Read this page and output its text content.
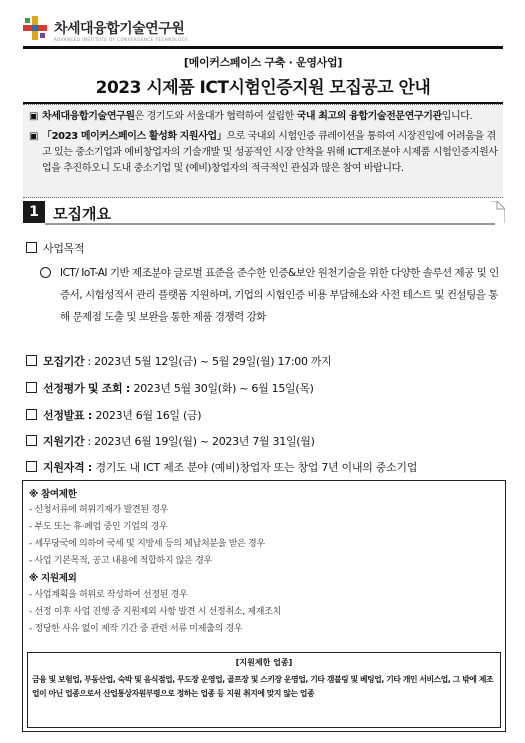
차세대융합기술연구원
ADVANCED INSTITUTE OF CONVERGENCE TECHNOLOGY
[메이커스페이스 구축 · 운영사업]
2023 시제품 ICT시험인증지원 모집공고 안내
▣ 차세대융합기술연구원은 경기도와 서울대가 협력하여 설립한 국내 최고의 융합기술전문연구기관입니다.
▣ 「2023 메이커스페이스 활성화 지원사업」으로 국내외 시험인증 큐레이션을 통하여 시장진입에 어려움을 겪고 있는 중소기업과 예비창업자의 기술개발 및 성공적인 시장 안착을 위해 ICT제조분야 시제품 시험인증지원사업을 추진하오니 도내 중소기업 및 (예비)창업자의 적극적인 관심과 많은 참여 바랍니다.
1 모집개요
사업목적
ICT/ IoT-AI 기반 제조분야 글로벌 표준을 준수한 인증&보안 원천기술을 위한 다양한 솔루션 제공 및 인증서, 시험성적서 관리 플랫폼 지원하며, 기업의 시험인증 비용 부담해소와 사전 테스트 및 컨설팅을 통해 문제점 도출 및 보완을 통한 제품 경쟁력 강화
모집기간 : 2023년 5월 12일(금) ~ 5월 29일(월) 17:00 까지
선정평가 및 조회 : 2023년 5월 30일(화) ~ 6월 15일(목)
선정발표 : 2023년 6월 16일 (금)
지원기간 : 2023년 6월 19일(월) ~ 2023년 7월 31일(월)
지원자격 : 경기도 내 ICT 제조 분야 (예비)창업자 또는 창업 7년 이내의 중소기업
※ 참여제한
- 신청서류에 허위기재가 발견된 경우
- 부도 또는 휴·폐업 중인 기업의 경우
- 세무당국에 의하여 국세 및 지방세 등의 체납처분을 받은 경우
- 사업 기본목적, 공고 내용에 적합하지 않은 경우
※ 지원제외
- 사업계획을 허위로 작성하여 선정된 경우
- 선정 이후 사업 진행 중 지원제외 사항 발견 시 선정취소, 제재조치
- 정당한 사유 없이 제작 기간 중 관련 서류 미제출의 경우
[지원제한 업종]
금융 및 보험업, 부동산업, 숙박 및 음식점업, 무도장 운영업, 골프장 및 스키장 운영업, 기타 갬블링 및 베팅업, 기타 개인 서비스업, 그 밖에 제조업이 아닌 업종으로서 산업통상자원부령으로 정하는 업종 등 지원 취지에 맞지 않는 업종
